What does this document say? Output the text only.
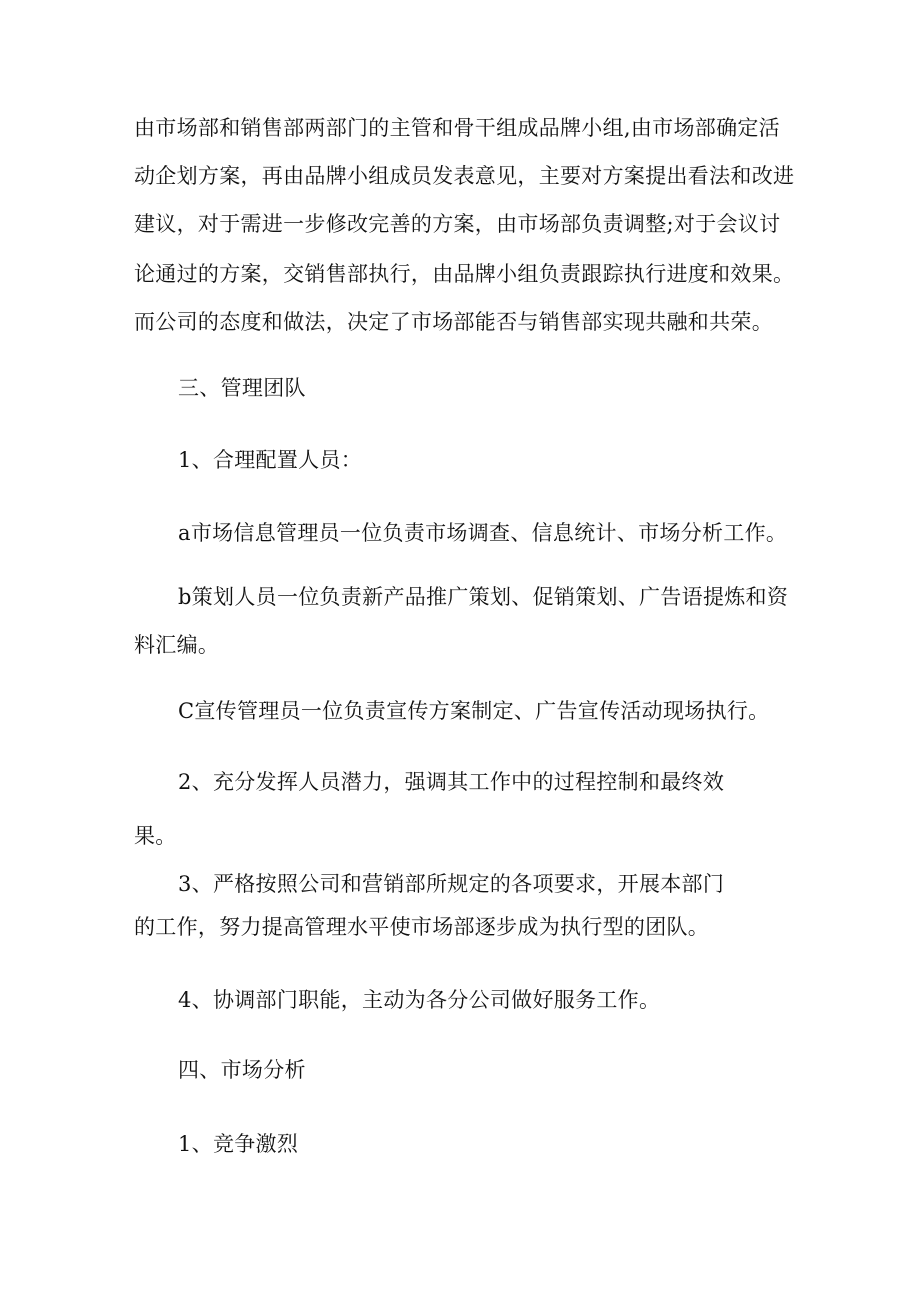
由市场部和销售部两部门的主管和骨干组成品牌小组,由市场部确定活
动企划方案，再由品牌小组成员发表意见，主要对方案提出看法和改进
建议，对于需进一步修改完善的方案，由市场部负责调整;对于会议讨
论通过的方案，交销售部执行，由品牌小组负责跟踪执行进度和效果。
而公司的态度和做法，决定了市场部能否与销售部实现共融和共荣。
三、管理团队
1、合理配置人员：
a市场信息管理员一位负责市场调查、信息统计、市场分析工作。
b策划人员一位负责新产品推广策划、促销策划、广告语提炼和资
料汇编。
C宣传管理员一位负责宣传方案制定、广告宣传活动现场执行。
2、充分发挥人员潜力，强调其工作中的过程控制和最终效
果。
3、严格按照公司和营销部所规定的各项要求，开展本部门
的工作，努力提高管理水平使市场部逐步成为执行型的团队。
4、协调部门职能，主动为各分公司做好服务工作。
四、市场分析
1、竞争激烈
